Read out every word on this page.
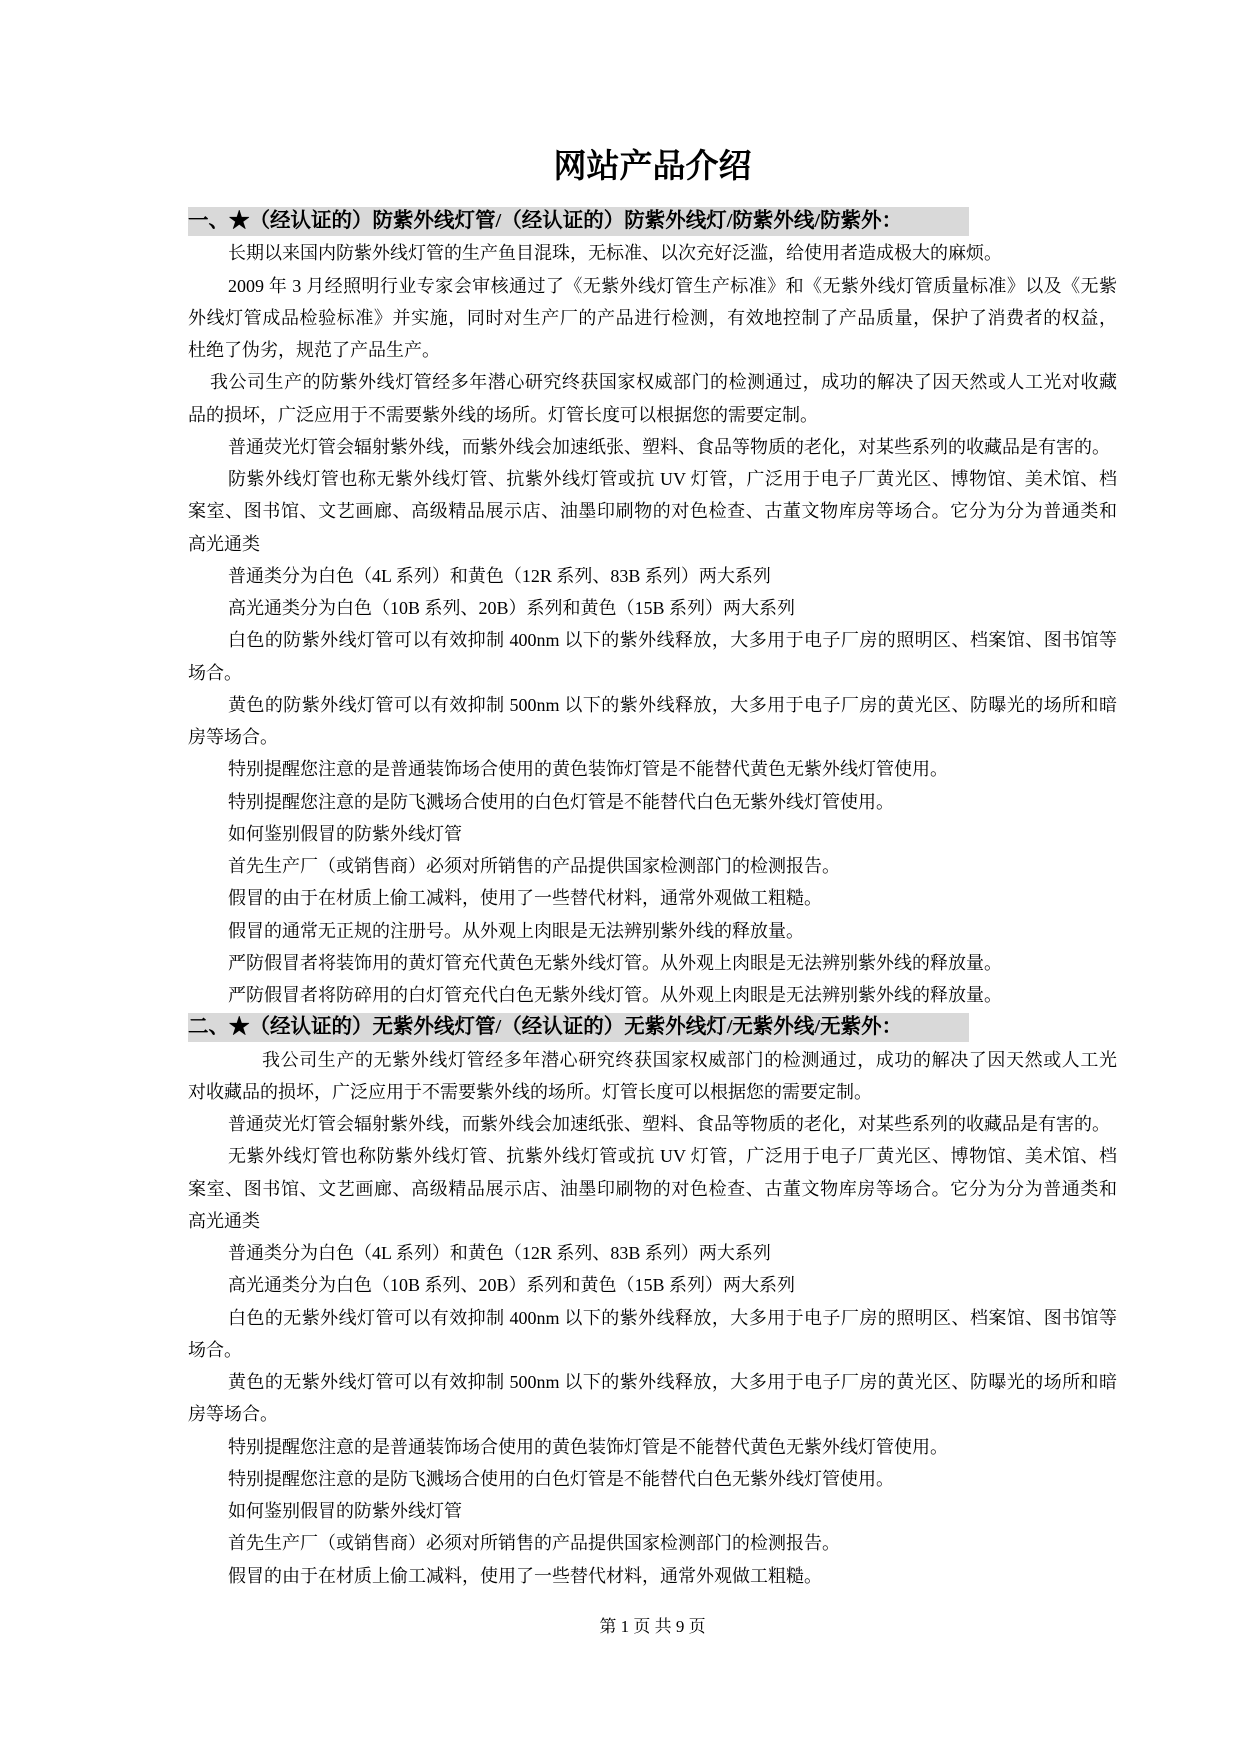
网站产品介绍
一、★（经认证的）防紫外线灯管/（经认证的）防紫外线灯/防紫外线/防紫外：
长期以来国内防紫外线灯管的生产鱼目混珠，无标准、以次充好泛滥，给使用者造成极大的麻烦。
2009 年 3 月经照明行业专家会审核通过了《无紫外线灯管生产标准》和《无紫外线灯管质量标准》以及《无紫
外线灯管成品检验标准》并实施，同时对生产厂的产品进行检测，有效地控制了产品质量，保护了消费者的权益，
杜绝了伪劣，规范了产品生产。
我公司生产的防紫外线灯管经多年潜心研究终获国家权威部门的检测通过，成功的解决了因天然或人工光对收藏
品的损坏，广泛应用于不需要紫外线的场所。灯管长度可以根据您的需要定制。
普通荧光灯管会辐射紫外线，而紫外线会加速纸张、塑料、食品等物质的老化，对某些系列的收藏品是有害的。
防紫外线灯管也称无紫外线灯管、抗紫外线灯管或抗 UV 灯管，广泛用于电子厂黄光区、博物馆、美术馆、档
案室、图书馆、文艺画廊、高级精品展示店、油墨印刷物的对色检查、古董文物库房等场合。它分为分为普通类和
高光通类
普通类分为白色（4L 系列）和黄色（12R 系列、83B 系列）两大系列
高光通类分为白色（10B 系列、20B）系列和黄色（15B 系列）两大系列
白色的防紫外线灯管可以有效抑制 400nm 以下的紫外线释放，大多用于电子厂房的照明区、档案馆、图书馆等
场合。
黄色的防紫外线灯管可以有效抑制 500nm 以下的紫外线释放，大多用于电子厂房的黄光区、防曝光的场所和暗
房等场合。
特别提醒您注意的是普通装饰场合使用的黄色装饰灯管是不能替代黄色无紫外线灯管使用。
特别提醒您注意的是防飞溅场合使用的白色灯管是不能替代白色无紫外线灯管使用。
如何鉴别假冒的防紫外线灯管
首先生产厂（或销售商）必须对所销售的产品提供国家检测部门的检测报告。
假冒的由于在材质上偷工减料，使用了一些替代材料，通常外观做工粗糙。
假冒的通常无正规的注册号。从外观上肉眼是无法辨别紫外线的释放量。
严防假冒者将装饰用的黄灯管充代黄色无紫外线灯管。从外观上肉眼是无法辨别紫外线的释放量。
严防假冒者将防碎用的白灯管充代白色无紫外线灯管。从外观上肉眼是无法辨别紫外线的释放量。
二、★（经认证的）无紫外线灯管/（经认证的）无紫外线灯/无紫外线/无紫外：
我公司生产的无紫外线灯管经多年潜心研究终获国家权威部门的检测通过，成功的解决了因天然或人工光
对收藏品的损坏，广泛应用于不需要紫外线的场所。灯管长度可以根据您的需要定制。
普通荧光灯管会辐射紫外线，而紫外线会加速纸张、塑料、食品等物质的老化，对某些系列的收藏品是有害的。
无紫外线灯管也称防紫外线灯管、抗紫外线灯管或抗 UV 灯管，广泛用于电子厂黄光区、博物馆、美术馆、档
案室、图书馆、文艺画廊、高级精品展示店、油墨印刷物的对色检查、古董文物库房等场合。它分为分为普通类和
高光通类
普通类分为白色（4L 系列）和黄色（12R 系列、83B 系列）两大系列
高光通类分为白色（10B 系列、20B）系列和黄色（15B 系列）两大系列
白色的无紫外线灯管可以有效抑制 400nm 以下的紫外线释放，大多用于电子厂房的照明区、档案馆、图书馆等
场合。
黄色的无紫外线灯管可以有效抑制 500nm 以下的紫外线释放，大多用于电子厂房的黄光区、防曝光的场所和暗
房等场合。
特别提醒您注意的是普通装饰场合使用的黄色装饰灯管是不能替代黄色无紫外线灯管使用。
特别提醒您注意的是防飞溅场合使用的白色灯管是不能替代白色无紫外线灯管使用。
如何鉴别假冒的防紫外线灯管
首先生产厂（或销售商）必须对所销售的产品提供国家检测部门的检测报告。
假冒的由于在材质上偷工减料，使用了一些替代材料，通常外观做工粗糙。
第 1 页 共 9 页
